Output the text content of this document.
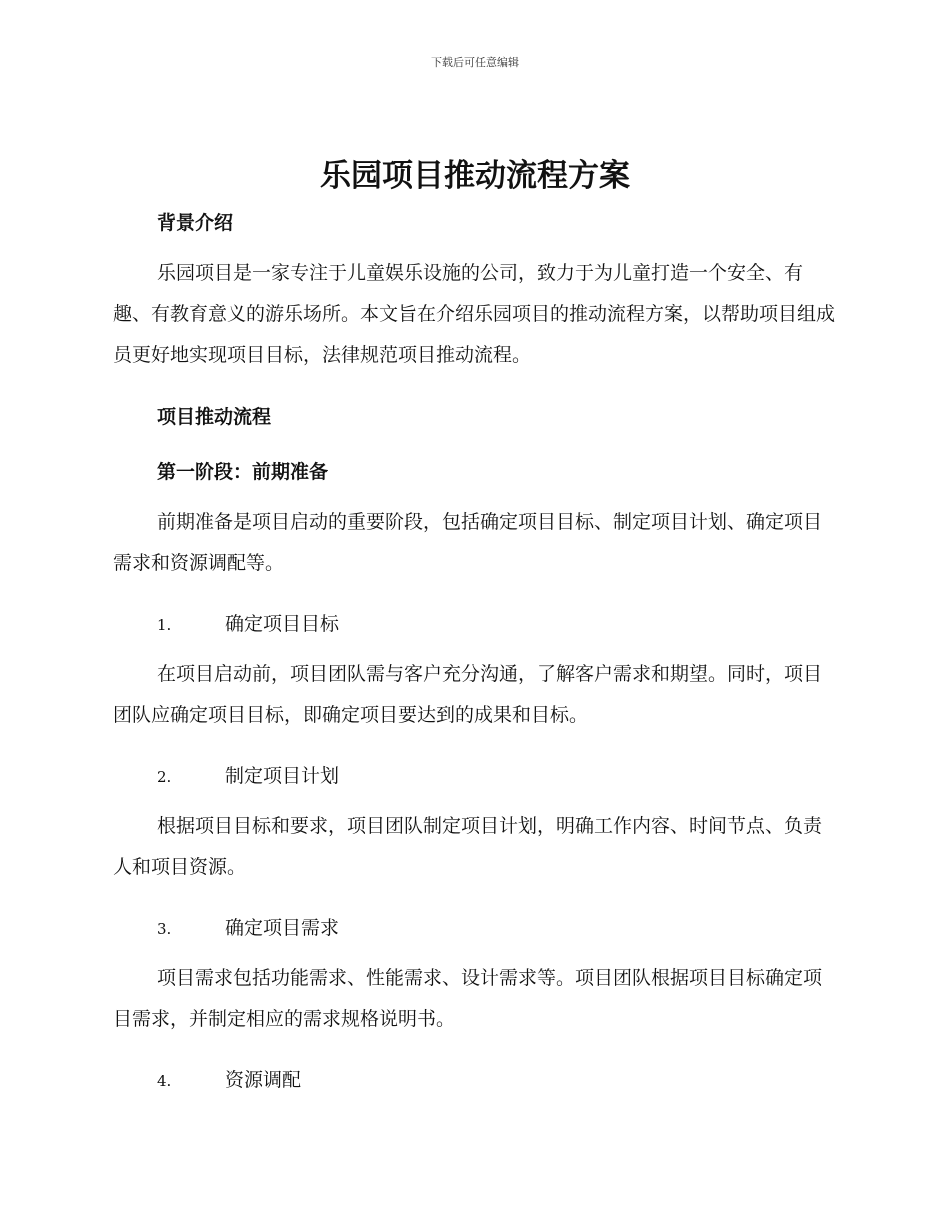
下载后可任意编辑
乐园项目推动流程方案
背景介绍

乐园项目是一家专注于儿童娱乐设施的公司，致力于为儿童打造一个安全、有趣、有教育意义的游乐场所。本文旨在介绍乐园项目的推动流程方案，以帮助项目组成员更好地实现项目目标，法律规范项目推动流程。

项目推动流程
第一阶段：前期准备

前期准备是项目启动的重要阶段，包括确定项目目标、制定项目计划、确定项目需求和资源调配等。

1.	确定项目目标

在项目启动前，项目团队需与客户充分沟通，了解客户需求和期望。同时，项目团队应确定项目目标，即确定项目要达到的成果和目标。

2.	制定项目计划

根据项目目标和要求，项目团队制定项目计划，明确工作内容、时间节点、负责人和项目资源。

3.	确定项目需求

项目需求包括功能需求、性能需求、设计需求等。项目团队根据项目目标确定项目需求，并制定相应的需求规格说明书。

4.	资源调配
